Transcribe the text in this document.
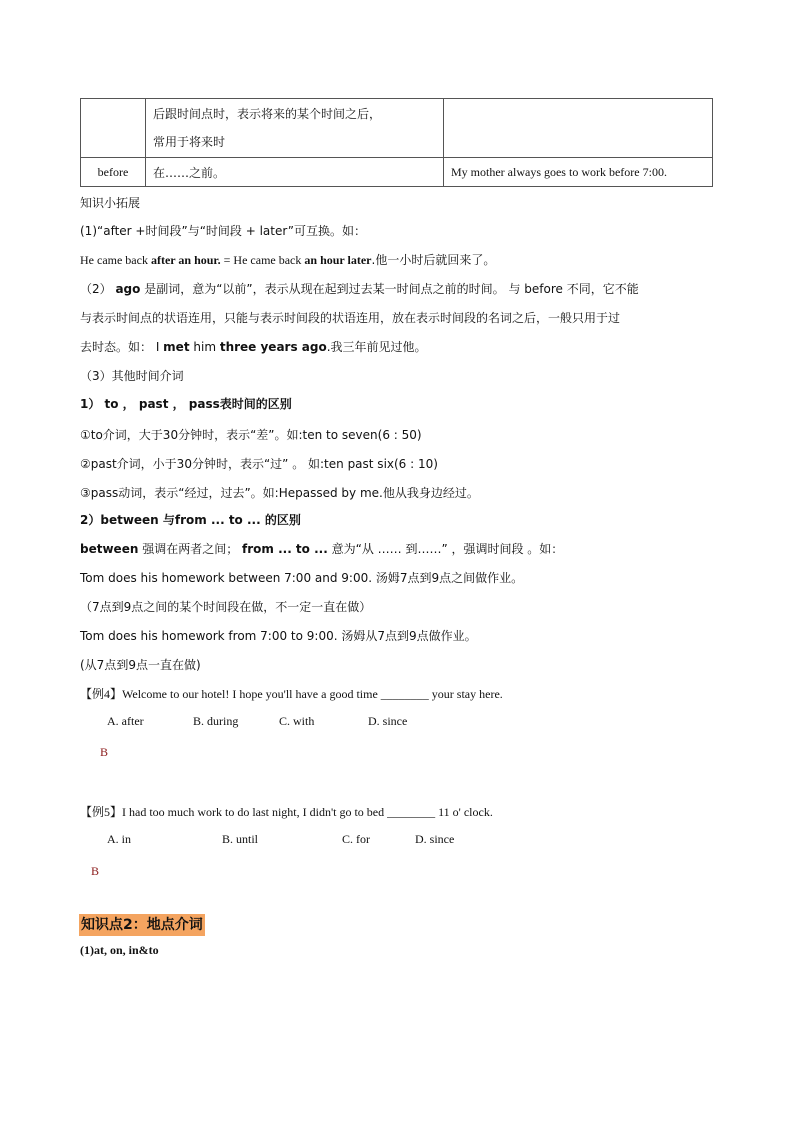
	后跟时间点时，表示将来的某个时间之后，
常用于将来时	

before	在……之前。	My mother always goes to work before 7:00.
知识小拓展
(1)“after +时间段”与“时间段 + later”可互换。如：
He came back after an hour. = He came back an hour later.他一小时后就回来了。
（2） ago 是副词，意为“以前”，表示从现在起到过去某一时间点之前的时间。 与 before 不同，它不能
与表示时间点的状语连用，只能与表示时间段的状语连用，放在表示时间段的名词之后，一般只用于过
去时态。如： I met him three years ago.我三年前见过他。
（3）其他时间介词
1） to ， past ， pass表时间的区别
①to介词，大于30分钟时，表示“差”。如:ten to seven(6 : 50)
②past介词，小于30分钟时，表示“过” 。 如:ten past six(6 : 10)
③pass动词，表示“经过，过去”。如:Hepassed by me.他从我身边经过。
2）between 与from ... to ... 的区别
between 强调在两者之间； from ... to ... 意为“从 …… 到……” ，强调时间段 。如：
Tom does his homework between 7:00 and 9:00. 汤姆7点到9点之间做作业。
（7点到9点之间的某个时间段在做，不一定一直在做）
Tom does his homework from 7:00 to 9:00. 汤姆从7点到9点做作业。
(从7点到9点一直在做)
【例4】Welcome to our hotel! I hope you'll have a good time ________ your stay here.
A. after	B. during	C. with	D. since
B
【例5】I had too much work to do last night, I didn't go to bed ________ 11 o' clock.
A. in	B. until	C. for	D. since
B
知识点2：地点介词
(1)at, on, in&to
